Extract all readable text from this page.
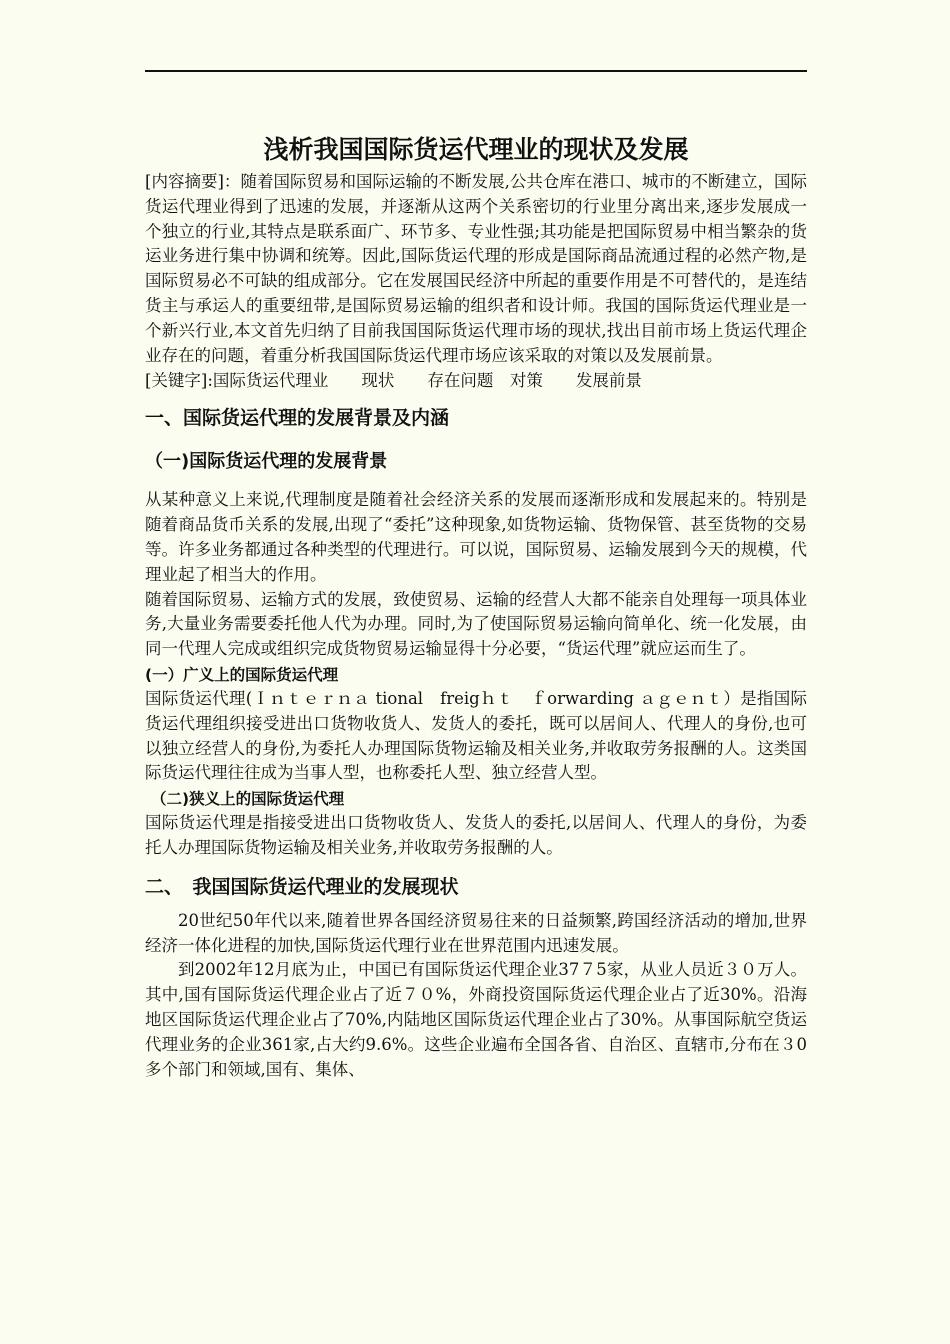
浅析我国国际货运代理业的现状及发展

[内容摘要]：随着国际贸易和国际运输的不断发展,公共仓库在港口、城市的不断建立，国际货运代理业得到了迅速的发展，并逐渐从这两个关系密切的行业里分离出来,逐步发展成一个独立的行业,其特点是联系面广、环节多、专业性强;其功能是把国际贸易中相当繁杂的货运业务进行集中协调和统筹。因此,国际货运代理的形成是国际商品流通过程的必然产物,是国际贸易必不可缺的组成部分。它在发展国民经济中所起的重要作用是不可替代的，是连结货主与承运人的重要纽带,是国际贸易运输的组织者和设计师。我国的国际货运代理业是一个新兴行业,本文首先归纳了目前我国国际货运代理市场的现状,找出目前市场上货运代理企业存在的问题，着重分析我国国际货运代理市场应该采取的对策以及发展前景。

[关键字]:国际货运代理业　　现状　　存在问题　对策　　发展前景

一、国际货运代理的发展背景及内涵
（一)国际货运代理的发展背景

从某种意义上来说,代理制度是随着社会经济关系的发展而逐渐形成和发展起来的。特别是随着商品货币关系的发展,出现了“委托”这种现象,如货物运输、货物保管、甚至货物的交易等。许多业务都通过各种类型的代理进行。可以说，国际贸易、运输发展到今天的规模，代理业起了相当大的作用。

随着国际贸易、运输方式的发展，致使贸易、运输的经营人大都不能亲自处理每一项具体业务,大量业务需要委托他人代为办理。同时,为了使国际贸易运输向简单化、统一化发展，由同一代理人完成或组织完成货物贸易运输显得十分必要，“货运代理”就应运而生了。

(一）广义上的国际货运代理

国际货运代理(Ｉｎｔｅｒｎａ tional　freigｈｔ　ｆorwarding ａｇｅｎｔ）是指国际货运代理组织接受进出口货物收货人、发货人的委托，既可以居间人、代理人的身份,也可以独立经营人的身份,为委托人办理国际货物运输及相关业务,并收取劳务报酬的人。这类国际货运代理往往成为当事人型，也称委托人型、独立经营人型。

（二)狭义上的国际货运代理

国际货运代理是指接受进出口货物收货人、发货人的委托,以居间人、代理人的身份，为委托人办理国际货物运输及相关业务,并收取劳务报酬的人。

二、　我国国际货运代理业的发展现状

20世纪50年代以来,随着世界各国经济贸易往来的日益频繁,跨国经济活动的增加,世界经济一体化进程的加快,国际货运代理行业在世界范围内迅速发展。

到2002年12月底为止，中国已有国际货运代理企业37７5家，从业人员近３０万人。其中,国有国际货运代理企业占了近７０%，外商投资国际货运代理企业占了近30%。沿海地区国际货运代理企业占了70%,内陆地区国际货运代理企业占了30%。从事国际航空货运代理业务的企业361家,占大约9.6%。这些企业遍布全国各省、自治区、直辖市,分布在３0多个部门和领域,国有、集体、
